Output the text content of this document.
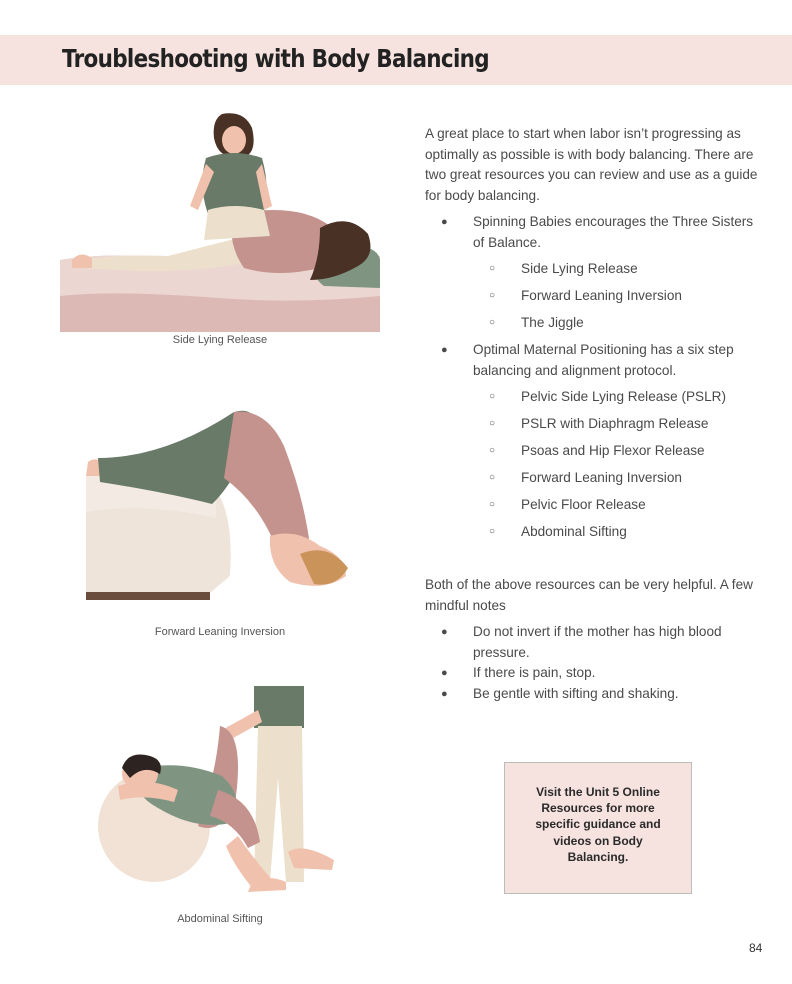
Troubleshooting with Body Balancing
Side Lying Release
Forward Leaning Inversion
Abdominal Sifting

A great place to start when labor isn’t progressing as optimally as possible is with body balancing. There are two great resources you can review and use as a guide for body balancing.

● Spinning Babies encourages the Three Sisters of Balance.
○ Side Lying Release
○ Forward Leaning Inversion
○ The Jiggle
● Optimal Maternal Positioning has a six step balancing and alignment protocol.
○ Pelvic Side Lying Release (PSLR)
○ PSLR with Diaphragm Release
○ Psoas and Hip Flexor Release
○ Forward Leaning Inversion
○ Pelvic Floor Release
○ Abdominal Sifting

Both of the above resources can be very helpful. A few mindful notes

● Do not invert if the mother has high blood pressure.
● If there is pain, stop.
● Be gentle with sifting and shaking.
Visit the Unit 5 Online Resources for more specific guidance and videos on Body Balancing.
84
